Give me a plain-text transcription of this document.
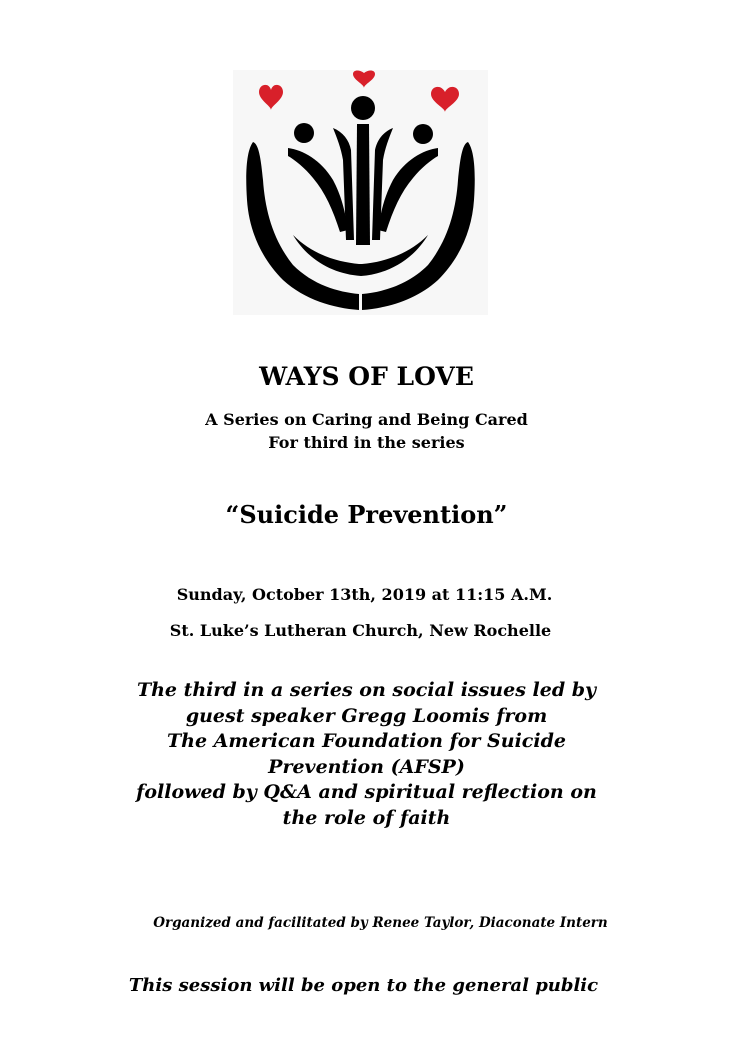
WAYS OF LOVE
A Series on Caring and Being Cared
For third in the series
“Suicide Prevention”
Sunday, October 13th, 2019 at 11:15 A.M.
St. Luke’s Lutheran Church, New Rochelle
The third in a series on social issues led by
guest speaker Gregg Loomis from
The American Foundation for Suicide
Prevention (AFSP)
followed by Q&A and spiritual reflection on
the role of faith
Organized and facilitated by Renee Taylor, Diaconate Intern
This session will be open to the general public
